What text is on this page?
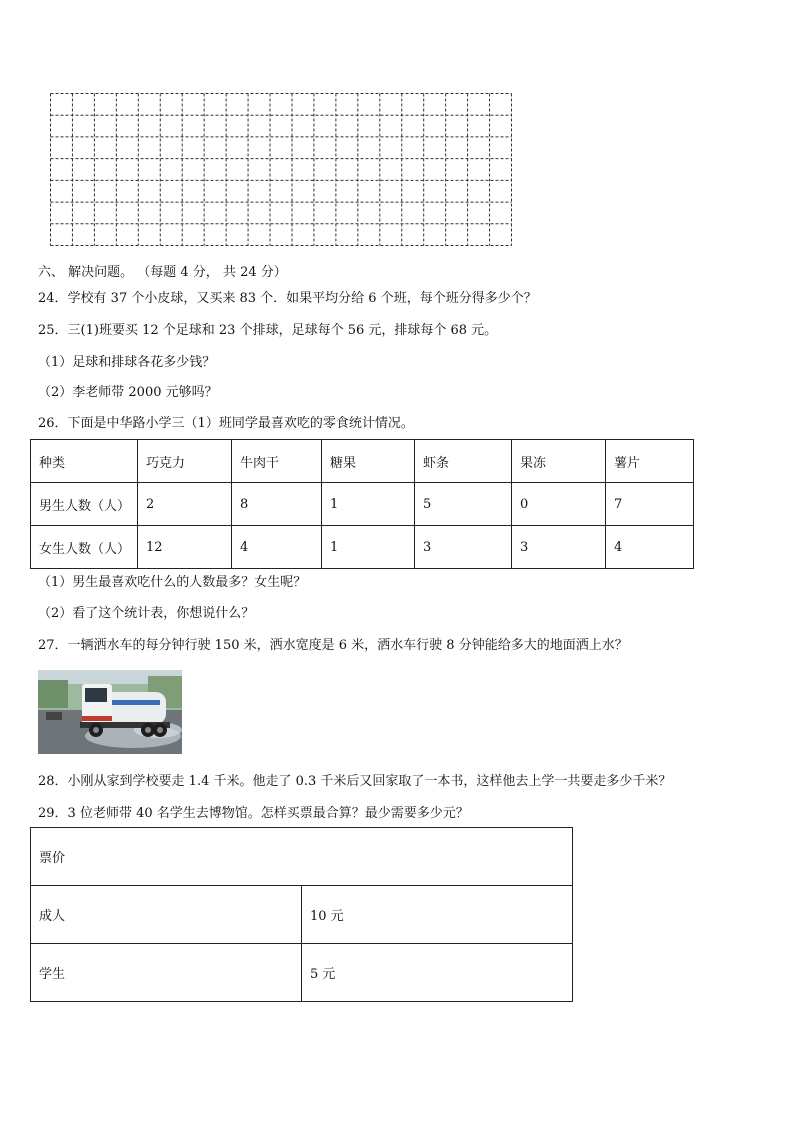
六、 解决问题。 （每题 4 分， 共 24 分）
24．学校有 37 个小皮球，又买来 83 个．如果平均分给 6 个班，每个班分得多少个？
25．三(1)班要买 12 个足球和 23 个排球，足球每个 56 元，排球每个 68 元。
（1）足球和排球各花多少钱？
（2）李老师带 2000 元够吗？
26．下面是中华路小学三（1）班同学最喜欢吃的零食统计情况。
种类	巧克力	牛肉干	糖果	虾条	果冻	薯片
男生人数（人）	2	8	1	5	0	7
女生人数（人）	12	4	1	3	3	4
（1）男生最喜欢吃什么的人数最多？女生呢？
（2）看了这个统计表，你想说什么？
27．一辆洒水车的每分钟行驶 150 米，洒水宽度是 6 米，洒水车行驶 8 分钟能给多大的地面洒上水？
28．小刚从家到学校要走 1.4 千米。他走了 0.3 千米后又回家取了一本书，这样他去上学一共要走多少千米？
29．3 位老师带 40 名学生去博物馆。怎样买票最合算？最少需要多少元？
票价	
成人	10 元
学生	5 元
